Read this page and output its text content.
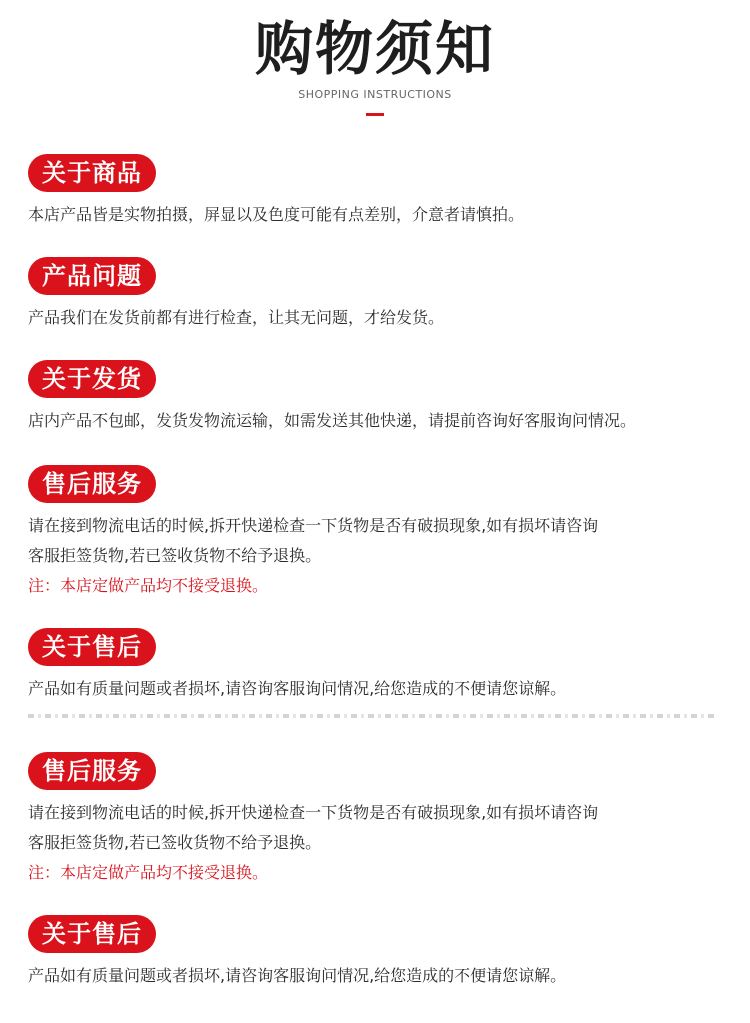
购物须知
SHOPPING INSTRUCTIONS
关于商品
本店产品皆是实物拍摄，屏显以及色度可能有点差别，介意者请慎拍。
产品问题
产品我们在发货前都有进行检查，让其无问题，才给发货。
关于发货
店内产品不包邮，发货发物流运输，如需发送其他快递，请提前咨询好客服询问情况。
售后服务
请在接到物流电话的时候,拆开快递检查一下货物是否有破损现象,如有损坏请咨询
客服拒签货物,若已签收货物不给予退换。
注：本店定做产品均不接受退换。
关于售后
产品如有质量问题或者损坏,请咨询客服询问情况,给您造成的不便请您谅解。
售后服务
请在接到物流电话的时候,拆开快递检查一下货物是否有破损现象,如有损坏请咨询
客服拒签货物,若已签收货物不给予退换。
注：本店定做产品均不接受退换。
关于售后
产品如有质量问题或者损坏,请咨询客服询问情况,给您造成的不便请您谅解。
